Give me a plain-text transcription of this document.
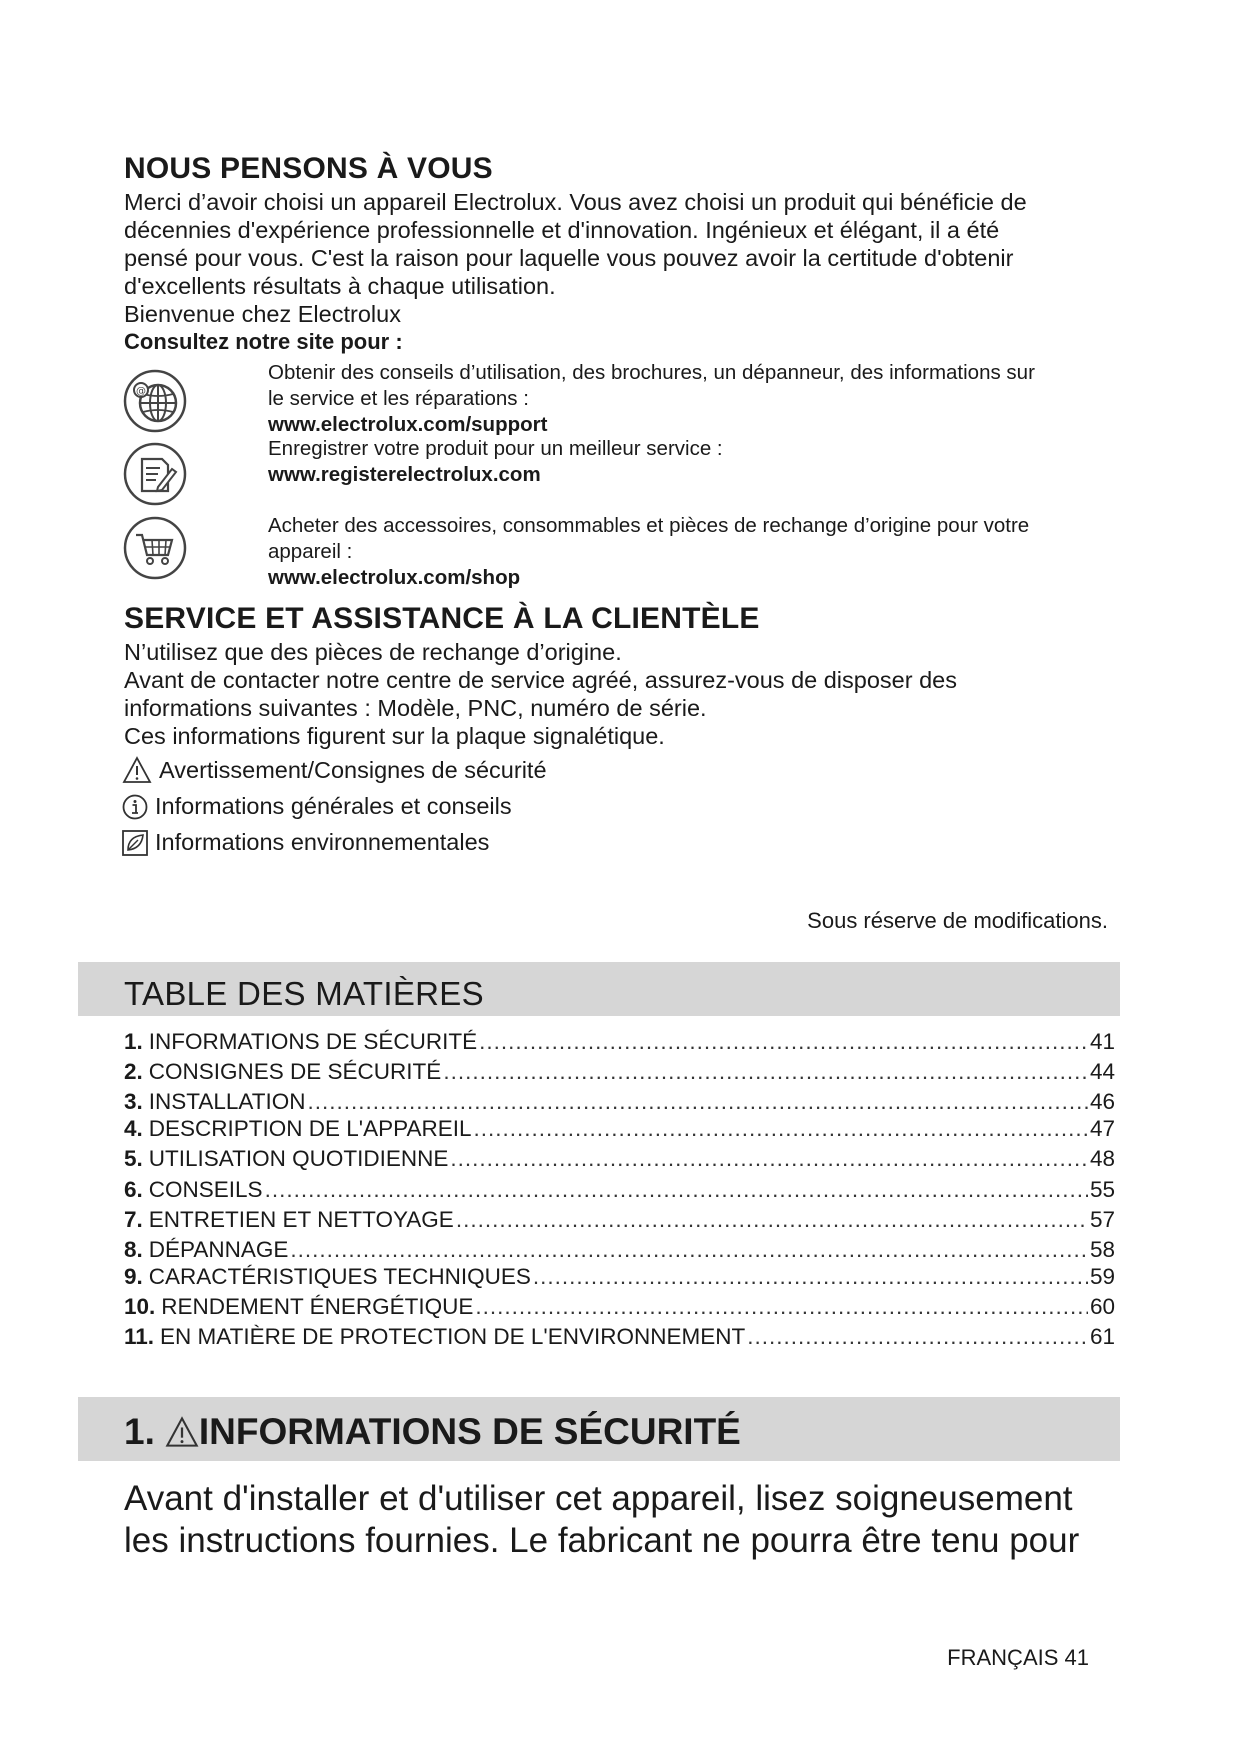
NOUS PENSONS À VOUS
Merci d’avoir choisi un appareil Electrolux. Vous avez choisi un produit qui bénéficie de
décennies d'expérience professionnelle et d'innovation. Ingénieux et élégant, il a été
pensé pour vous. C'est la raison pour laquelle vous pouvez avoir la certitude d'obtenir
d'excellents résultats à chaque utilisation.
Bienvenue chez Electrolux
Consultez notre site pour :
@
Obtenir des conseils d’utilisation, des brochures, un dépanneur, des informations sur
le service et les réparations :
www.electrolux.com/support
Enregistrer votre produit pour un meilleur service :
www.registerelectrolux.com
Acheter des accessoires, consommables et pièces de rechange d’origine pour votre
appareil :
www.electrolux.com/shop
SERVICE ET ASSISTANCE À LA CLIENTÈLE
N’utilisez que des pièces de rechange d’origine.
Avant de contacter notre centre de service agréé, assurez-vous de disposer des
informations suivantes : Modèle, PNC, numéro de série.
Ces informations figurent sur la plaque signalétique.
Avertissement/Consignes de sécurité
Informations générales et conseils
Informations environnementales
Sous réserve de modifications.
TABLE DES MATIÈRES
1. INFORMATIONS DE SÉCURITÉ .....	41
2. CONSIGNES DE SÉCURITÉ .....	44
3. INSTALLATION .....	46
4. DESCRIPTION DE L'APPAREIL .....	47
5. UTILISATION QUOTIDIENNE .....	48
6. CONSEILS .....	55
7. ENTRETIEN ET NETTOYAGE .....	57
8. DÉPANNAGE .....	58
9. CARACTÉRISTIQUES TECHNIQUES .....	59
10. RENDEMENT ÉNERGÉTIQUE .....	60
11. EN MATIÈRE DE PROTECTION DE L'ENVIRONNEMENT .....	61
1. INFORMATIONS DE SÉCURITÉ
Avant d'installer et d'utiliser cet appareil, lisez soigneusement
les instructions fournies. Le fabricant ne pourra être tenu pour
FRANÇAIS 41
